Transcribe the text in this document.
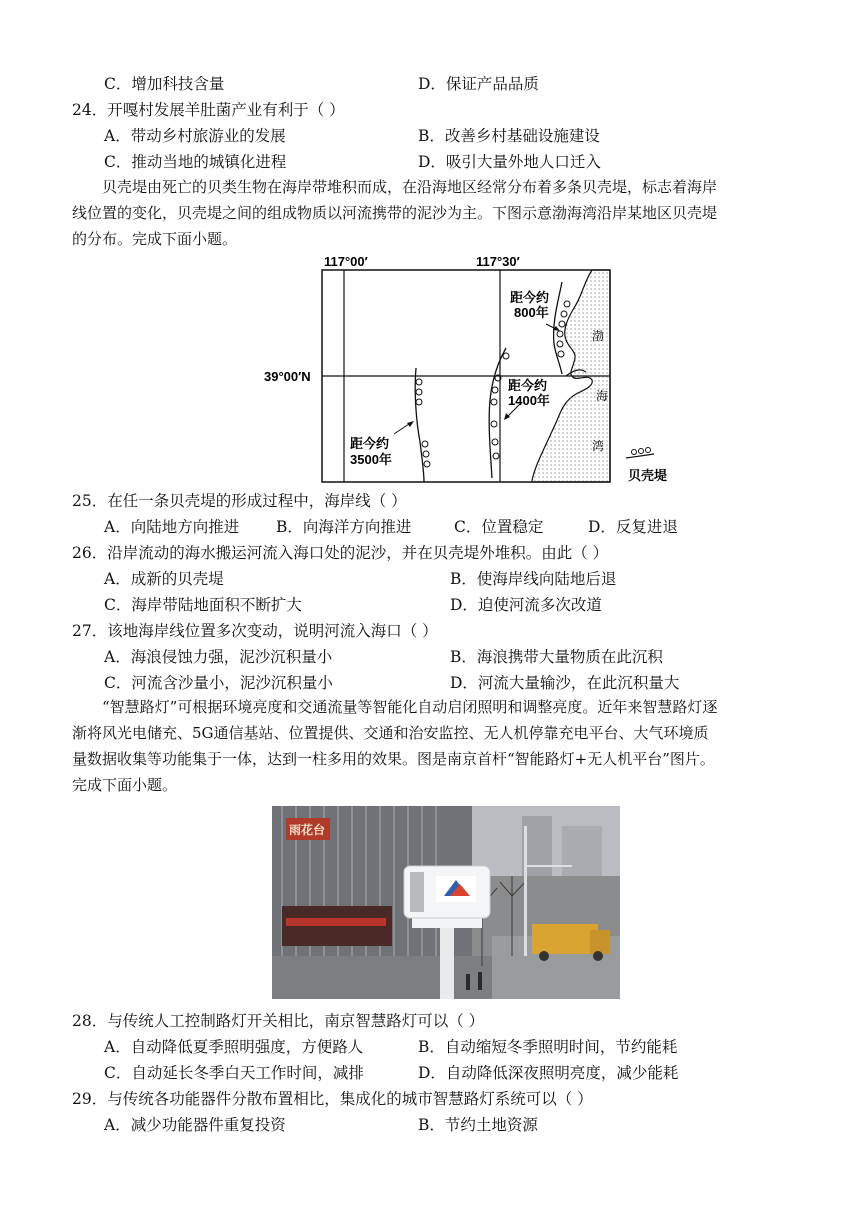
C．增加科技含量	D．保证产品品质
24．开嘎村发展羊肚菌产业有利于（ ）
A．带动乡村旅游业的发展	B．改善乡村基础设施建设
C．推动当地的城镇化进程	D．吸引大量外地人口迁入
贝壳堤由死亡的贝类生物在海岸带堆积而成，在沿海地区经常分布着多条贝壳堤，标志着海岸
线位置的变化，贝壳堤之间的组成物质以河流携带的泥沙为主。下图示意渤海湾沿岸某地区贝壳堤
的分布。完成下面小题。
117°00′	117°30′
39°00′N
距今约
800年
距今约
1400年
距今约
3500年
渤
海
湾
贝壳堤
25．在任一条贝壳堤的形成过程中，海岸线（ ）
A．向陆地方向推进 B．向海洋方向推进	C．位置稳定	D．反复进退
26．沿岸流动的海水搬运河流入海口处的泥沙，并在贝壳堤外堆积。由此（ ）
A．成新的贝壳堤	B．使海岸线向陆地后退
C．海岸带陆地面积不断扩大	D．迫使河流多次改道
27．该地海岸线位置多次变动，说明河流入海口（ ）
A．海浪侵蚀力强，泥沙沉积量小	B．海浪携带大量物质在此沉积
C．河流含沙量小，泥沙沉积量小	D．河流大量输沙，在此沉积量大
“智慧路灯”可根据环境亮度和交通流量等智能化自动启闭照明和调整亮度。近年来智慧路灯逐
渐将风光电储充、5G通信基站、位置提供、交通和治安监控、无人机停靠充电平台、大气环境质
量数据收集等功能集于一体，达到一柱多用的效果。图是南京首杆“智能路灯+无人机平台”图片。
完成下面小题。
雨花台
28．与传统人工控制路灯开关相比，南京智慧路灯可以（ ）
A．自动降低夏季照明强度，方便路人	B．自动缩短冬季照明时间，节约能耗
C．自动延长冬季白天工作时间，减排	D．自动降低深夜照明亮度，减少能耗
29．与传统各功能器件分散布置相比，集成化的城市智慧路灯系统可以（ ）
A．减少功能器件重复投资	B．节约土地资源
